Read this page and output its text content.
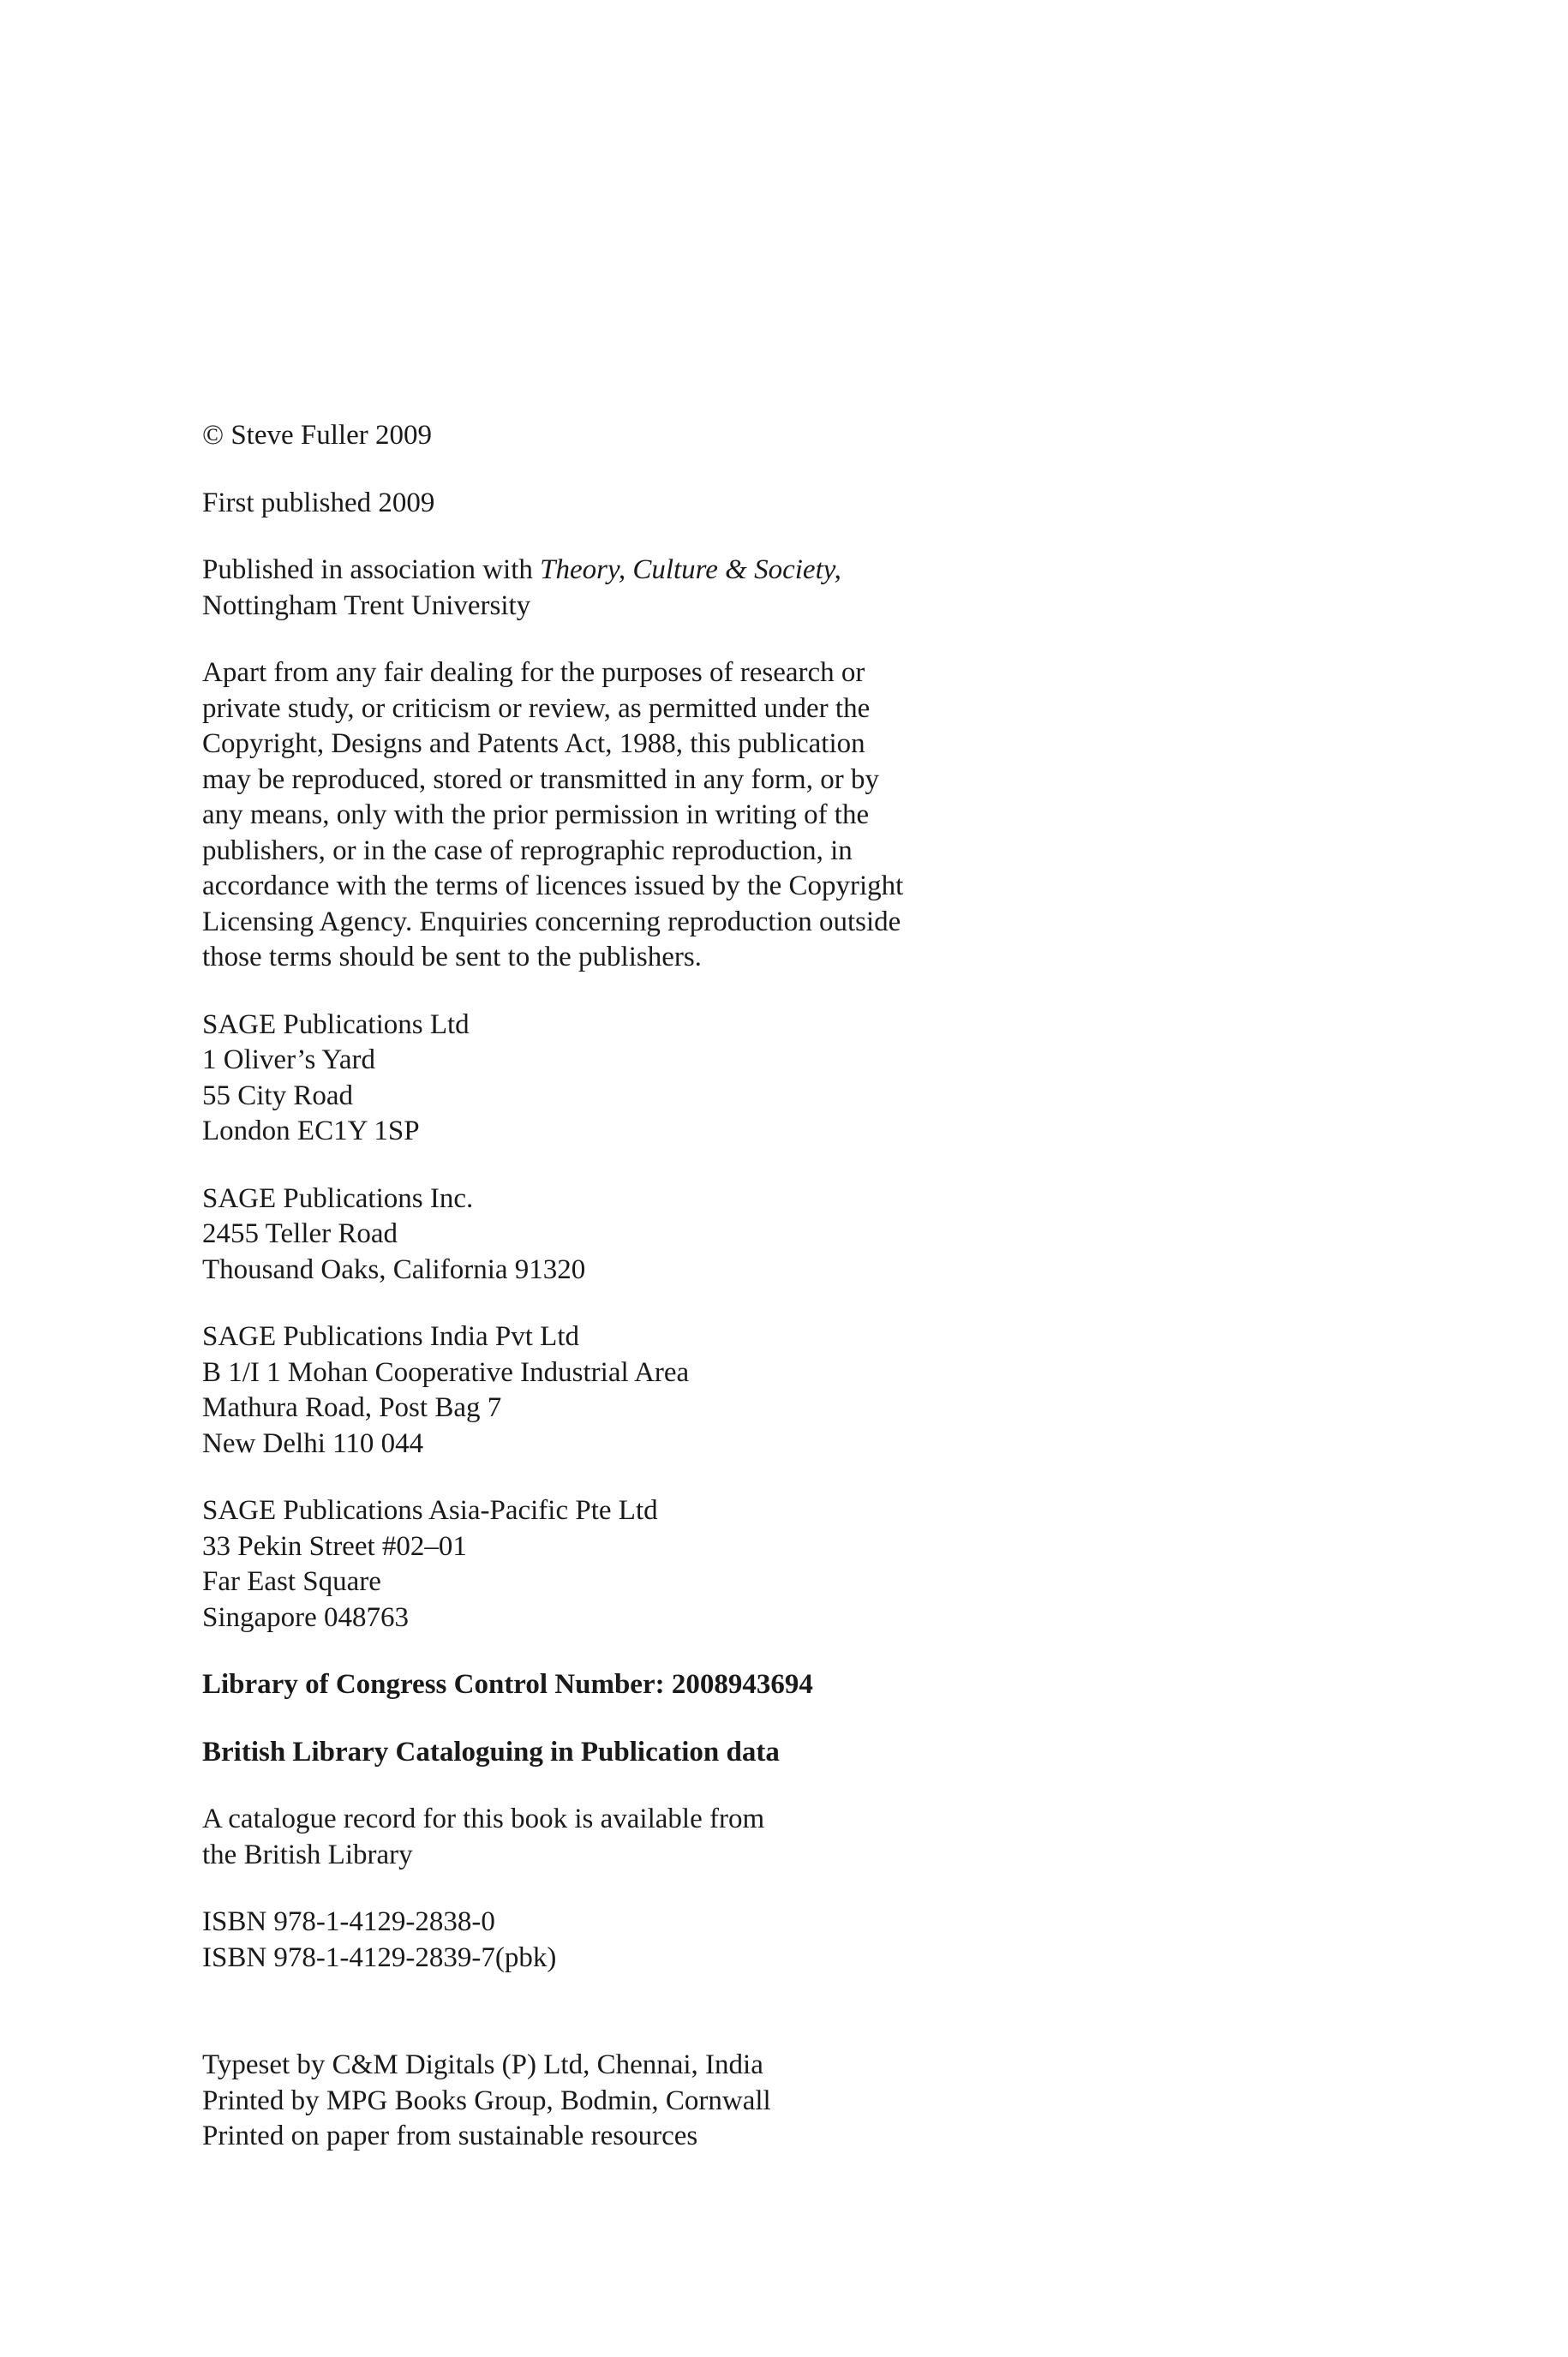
© Steve Fuller 2009
First published 2009
Published in association with Theory, Culture & Society,
Nottingham Trent University
Apart from any fair dealing for the purposes of research or
private study, or criticism or review, as permitted under the
Copyright, Designs and Patents Act, 1988, this publication
may be reproduced, stored or transmitted in any form, or by
any means, only with the prior permission in writing of the
publishers, or in the case of reprographic reproduction, in
accordance with the terms of licences issued by the Copyright
Licensing Agency. Enquiries concerning reproduction outside
those terms should be sent to the publishers.
SAGE Publications Ltd
1 Oliver’s Yard
55 City Road
London EC1Y 1SP
SAGE Publications Inc.
2455 Teller Road
Thousand Oaks, California 91320
SAGE Publications India Pvt Ltd
B 1/I 1 Mohan Cooperative Industrial Area
Mathura Road, Post Bag 7
New Delhi 110 044
SAGE Publications Asia-Pacific Pte Ltd
33 Pekin Street #02–01
Far East Square
Singapore 048763
Library of Congress Control Number: 2008943694
British Library Cataloguing in Publication data
A catalogue record for this book is available from
the British Library
ISBN 978-1-4129-2838-0
ISBN 978-1-4129-2839-7(pbk)
Typeset by C&M Digitals (P) Ltd, Chennai, India
Printed by MPG Books Group, Bodmin, Cornwall
Printed on paper from sustainable resources
